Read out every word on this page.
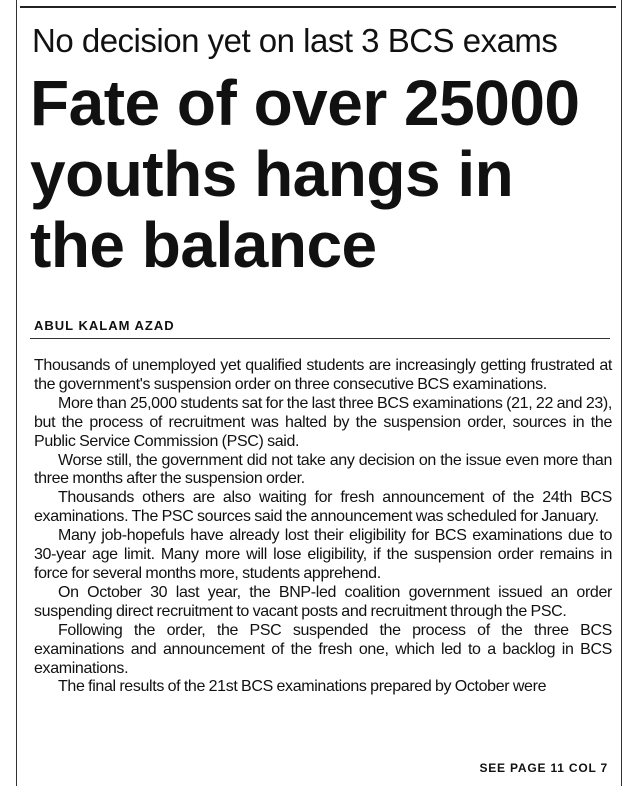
No decision yet on last 3 BCS exams
Fate of over 25000 youths hangs in the balance
ABUL KALAM AZAD

Thousands of unemployed yet qualified students are increasingly getting frustrated at the government's suspension order on three consecutive BCS examinations.

More than 25,000 students sat for the last three BCS examinations (21, 22 and 23), but the process of recruitment was halted by the suspension order, sources in the Public Service Commission (PSC) said.

Worse still, the government did not take any decision on the issue even more than three months after the suspension order.

Thousands others are also waiting for fresh announcement of the 24th BCS examinations. The PSC sources said the announcement was scheduled for January.

Many job-hopefuls have already lost their eligibility for BCS examinations due to 30-year age limit. Many more will lose eligibility, if the suspension order remains in force for several months more, students apprehend.

On October 30 last year, the BNP-led coalition government issued an order suspending direct recruitment to vacant posts and recruitment through the PSC.

Following the order, the PSC suspended the process of the three BCS examinations and announcement of the fresh one, which led to a backlog in BCS examinations.

The final results of the 21st BCS examinations prepared by October were

SEE PAGE 11 COL 7
